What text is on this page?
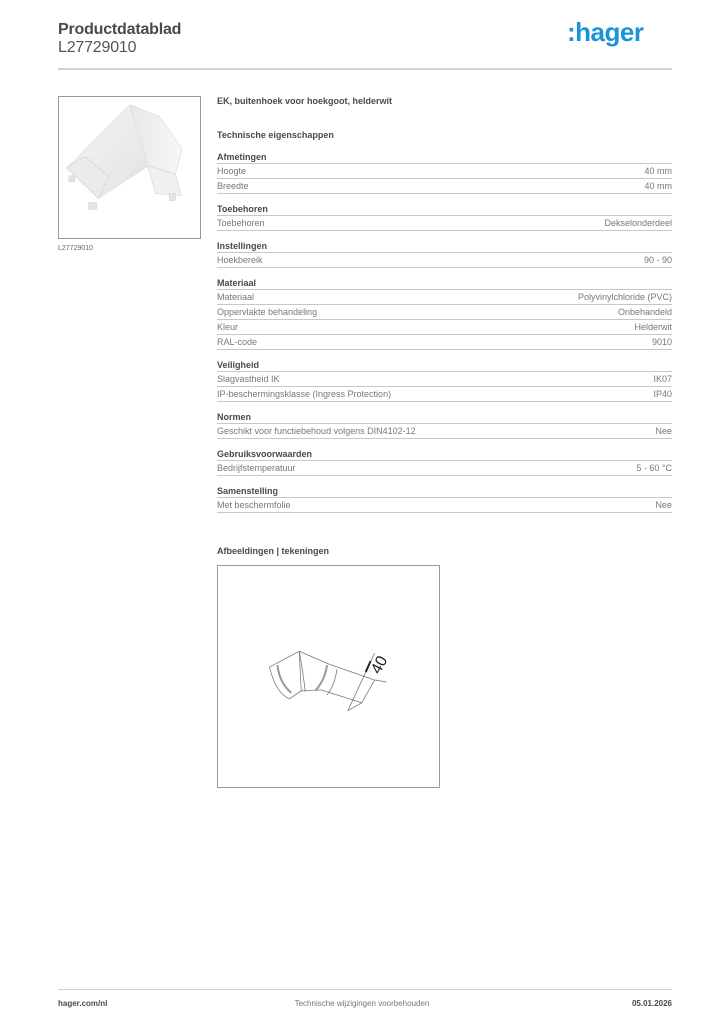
Productdatablad
L27729010
:hager
L27729010
EK, buitenhoek voor hoekgoot, helderwit
Technische eigenschappen
Afmetingen
Hoogte	40 mm
Breedte	40 mm
Toebehoren
Toebehoren	Dekselonderdeel
Instellingen
Hoekbereik	90 - 90
Materiaal
Materiaal	Polyvinylchloride (PVC)
Oppervlakte behandeling	Onbehandeld
Kleur	Helderwit
RAL-code	9010
Veiligheid
Slagvastheid IK	IK07
IP-beschermingsklasse (Ingress Protection)	IP40
Normen
Geschikt voor functiebehoud volgens DIN4102-12	Nee
Gebruiksvoorwaarden
Bedrijfstemperatuur	5 - 60 °C
Samenstelling
Met beschermfolie	Nee
Afbeeldingen | tekeningen
40
Technische wijzigingen voorbehouden
hager.com/nl	05.01.2026
